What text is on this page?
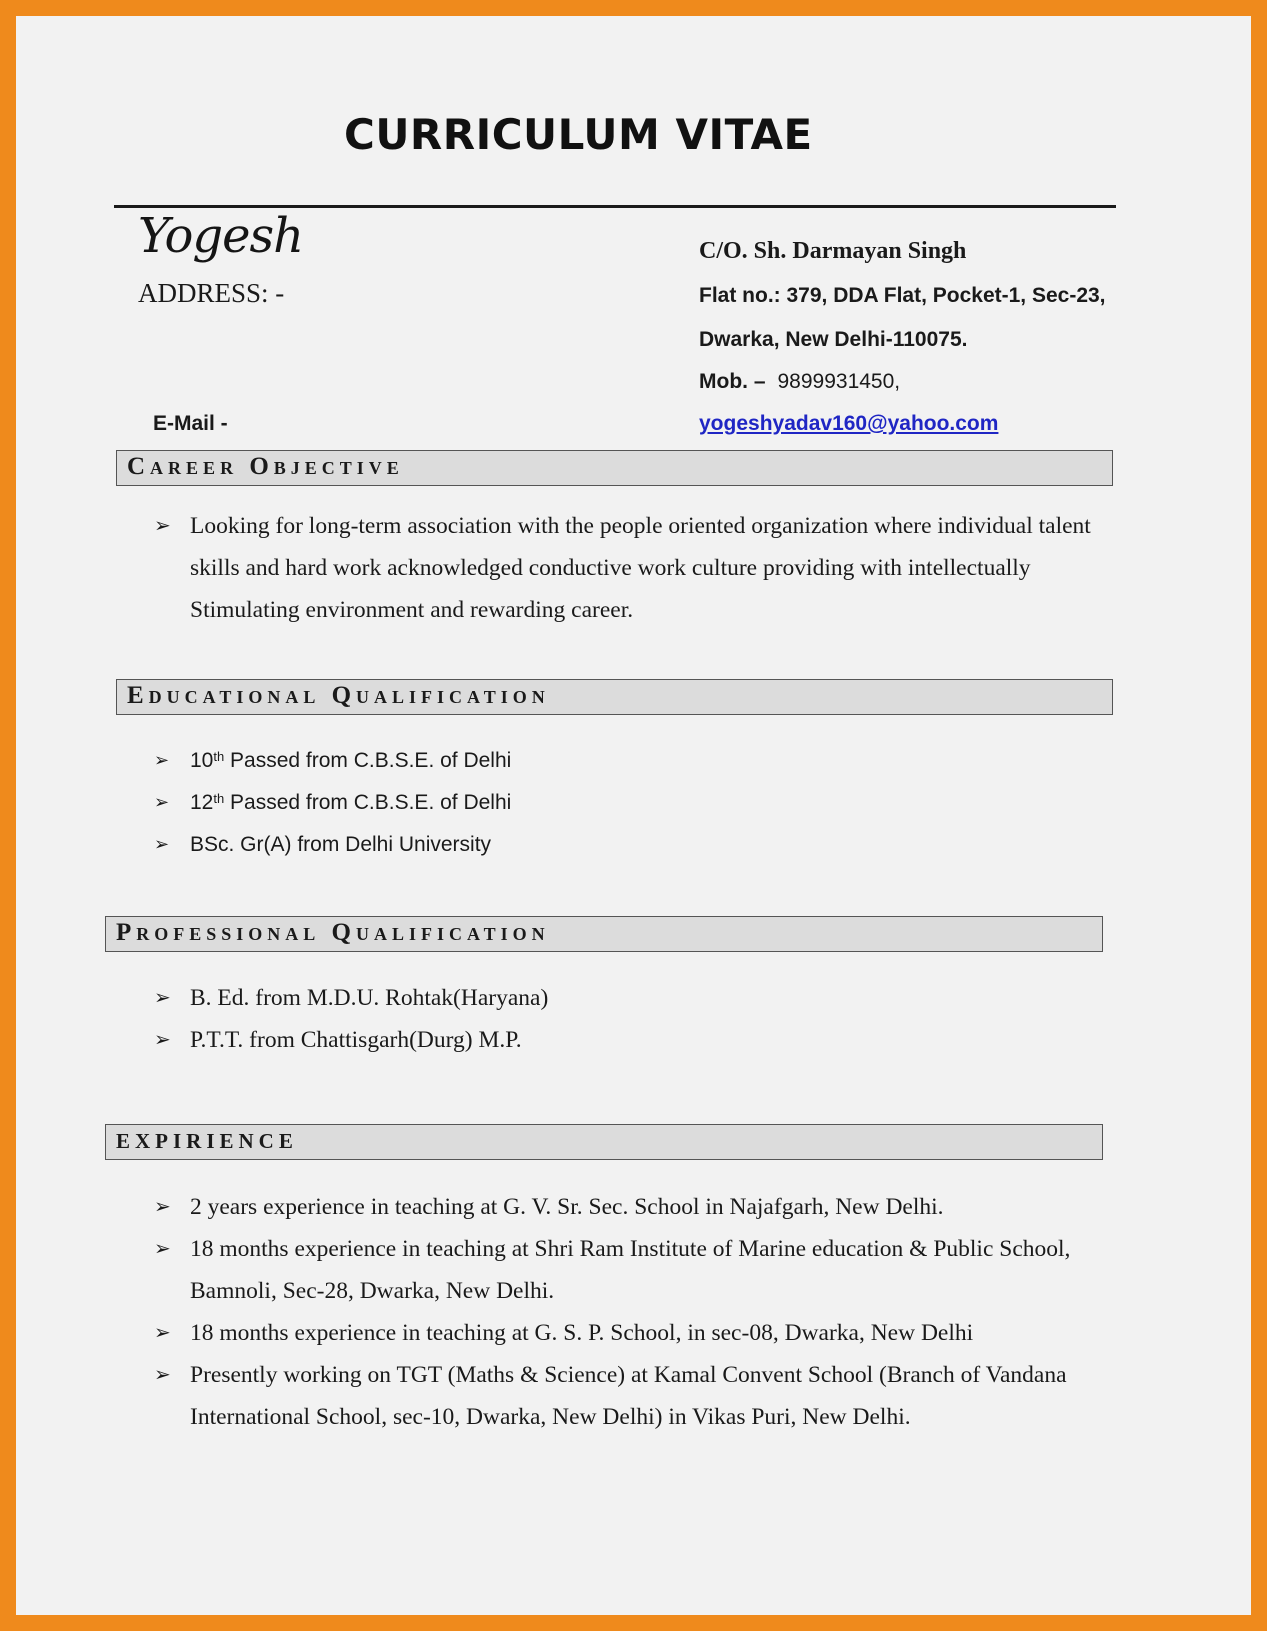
CURRICULUM VITAE
Yogesh
ADDRESS: -
C/O. Sh. Darmayan Singh
Flat no.: 379, DDA Flat, Pocket-1, Sec-23,
Dwarka, New Delhi-110075.
Mob. – 9899931450,
E-Mail -	yogeshyadav160@yahoo.com
Career Objective
➢ Looking for long-term association with the people oriented organization where individual talent
skills and hard work acknowledged conductive work culture providing with intellectually
Stimulating environment and rewarding career.
Educational Qualification
➢ 10th Passed from C.B.S.E. of Delhi
➢ 12th Passed from C.B.S.E. of Delhi
➢ BSc. Gr(A) from Delhi University
Professional Qualification
➢ B. Ed. from M.D.U. Rohtak(Haryana)
➢ P.T.T. from Chattisgarh(Durg) M.P.
EXPIRIENCE
➢ 2 years experience in teaching at G. V. Sr. Sec. School in Najafgarh, New Delhi.
➢ 18 months experience in teaching at Shri Ram Institute of Marine education & Public School,
Bamnoli, Sec-28, Dwarka, New Delhi.
➢ 18 months experience in teaching at G. S. P. School, in sec-08, Dwarka, New Delhi
➢ Presently working on TGT (Maths & Science) at Kamal Convent School (Branch of Vandana
International School, sec-10, Dwarka, New Delhi) in Vikas Puri, New Delhi.
